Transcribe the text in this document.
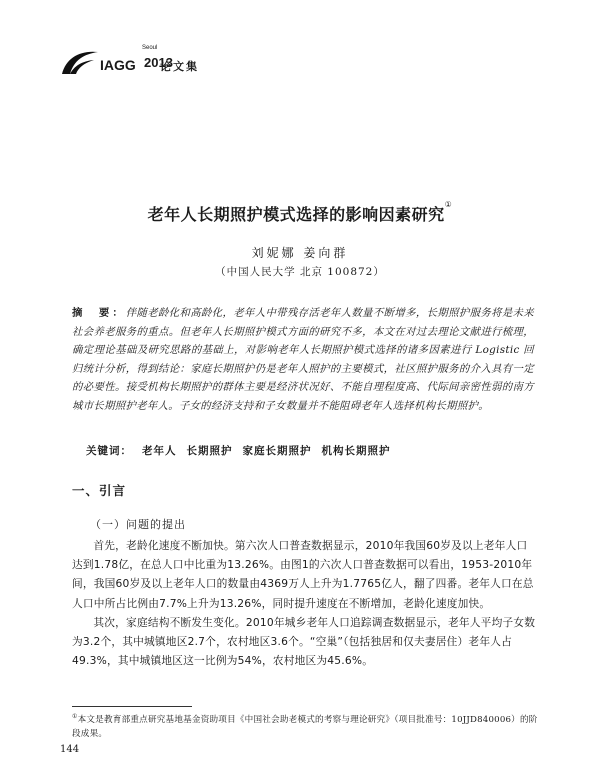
Seoul
IAGG 2013
论文集
老年人长期照护模式选择的影响因素研究①
刘妮娜 姜向群
（中国人民大学 北京 100872）
摘　要：伴随老龄化和高龄化，老年人中带残存活老年人数量不断增多，长期照护服务将是未来社会养老服务的重点。但老年人长期照护模式方面的研究不多，本文在对过去理论文献进行梳理，确定理论基础及研究思路的基础上，对影响老年人长期照护模式选择的诸多因素进行 Logistic 回归统计分析，得到结论：家庭长期照护仍是老年人照护的主要模式，社区照护服务的介入具有一定的必要性。接受机构长期照护的群体主要是经济状况好、不能自理程度高、代际间亲密性弱的南方城市长期照护老年人。子女的经济支持和子女数量并不能阻碍老年人选择机构长期照护。
关键词： 老年人 长期照护 家庭长期照护 机构长期照护
一、引言
（一）问题的提出

首先，老龄化速度不断加快。第六次人口普查数据显示，2010年我国60岁及以上老年人口达到1.78亿，在总人口中比重为13.26%。由图1的六次人口普查数据可以看出，1953-2010年间，我国60岁及以上老年人口的数量由4369万人上升为1.7765亿人，翻了四番。老年人口在总人口中所占比例由7.7%上升为13.26%，同时提升速度在不断增加，老龄化速度加快。

其次，家庭结构不断发生变化。2010年城乡老年人口追踪调查数据显示，老年人平均子女数为3.2个，其中城镇地区2.7个，农村地区3.6个。“空巢”（包括独居和仅夫妻居住）老年人占49.3%，其中城镇地区这一比例为54%，农村地区为45.6%。

①本文是教育部重点研究基地基金资助项目《中国社会助老模式的考察与理论研究》（项目批准号：10JJD840006）的阶段成果。
144
